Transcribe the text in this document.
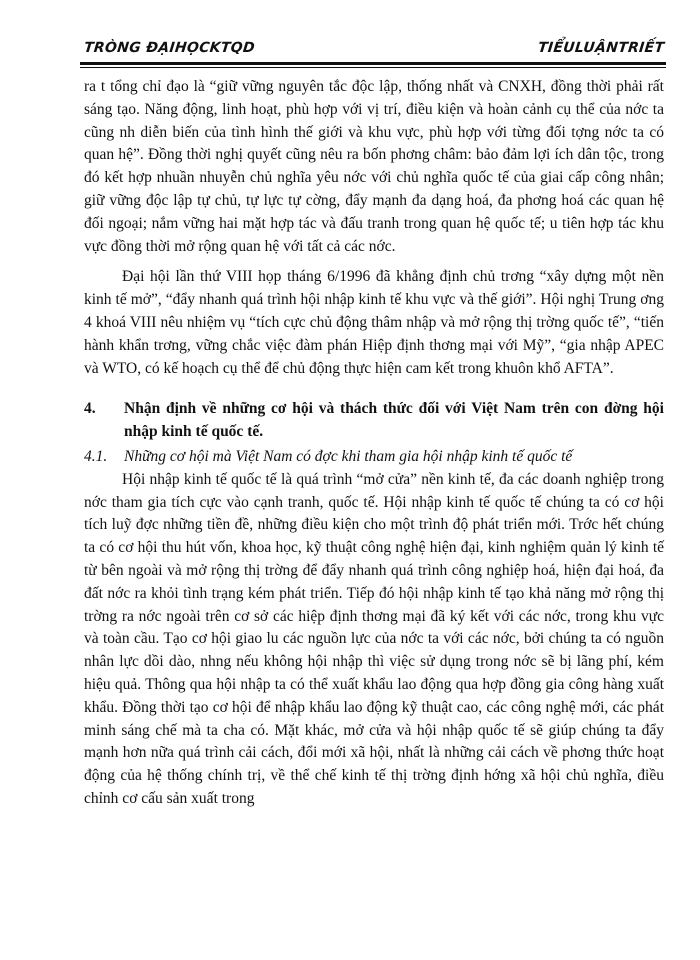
TRÒNG ĐẠIHỌCKTQD	TIỂULUẬNTRIẾT

ra t tổng chỉ đạo là “giữ vững nguyên tắc độc lập, thống nhất và CNXH, đồng thời phải rất sáng tạo. Năng động, linh hoạt, phù hợp với vị trí, điều kiện và hoàn cảnh cụ thể của nớc ta cũng nh diễn biến của tình hình thế giới và khu vực, phù hợp với từng đối tợng nớc ta có quan hệ”. Đồng thời nghị quyết cũng nêu ra bốn phơng châm: bảo đảm lợi ích dân tộc, trong đó kết hợp nhuần nhuyễn chủ nghĩa yêu nớc với chủ nghĩa quốc tế của giai cấp công nhân; giữ vững độc lập tự chủ, tự lực tự cờng, đẩy mạnh đa dạng hoá, đa phơng hoá các quan hệ đối ngoại; nắm vững hai mặt hợp tác và đấu tranh trong quan hệ quốc tế; u tiên hợp tác khu vực đồng thời mở rộng quan hệ với tất cả các nớc.

Đại hội lần thứ VIII họp tháng 6/1996 đã khẳng định chủ trơng “xây dựng một nền kinh tế mở”, “đẩy nhanh quá trình hội nhập kinh tế khu vực và thế giới”. Hội nghị Trung ơng 4 khoá VIII nêu nhiệm vụ “tích cực chủ động thâm nhập và mở rộng thị trờng quốc tế”, “tiến hành khẩn trơng, vững chắc việc đàm phán Hiệp định thơng mại với Mỹ”, “gia nhập APEC và WTO, có kế hoạch cụ thể để chủ động thực hiện cam kết trong khuôn khổ AFTA”.

4.	Nhận định về những cơ hội và thách thức đối với Việt Nam trên con đờng hội nhập kinh tế quốc tế.
4.1.	Những cơ hội mà Việt Nam có đợc khi tham gia hội nhập kinh tế quốc tế

Hội nhập kinh tế quốc tế là quá trình “mở cửa” nền kinh tế, đa các doanh nghiệp trong nớc tham gia tích cực vào cạnh tranh, quốc tế. Hội nhập kinh tế quốc tế chúng ta có cơ hội tích luỹ đợc những tiền đề, những điều kiện cho một trình độ phát triển mới. Trớc hết chúng ta có cơ hội thu hút vốn, khoa học, kỹ thuật công nghệ hiện đại, kinh nghiệm quản lý kinh tế từ bên ngoài và mở rộng thị trờng để đẩy nhanh quá trình công nghiệp hoá, hiện đại hoá, đa đất nớc ra khỏi tình trạng kém phát triển. Tiếp đó hội nhập kinh tế tạo khả năng mở rộng thị trờng ra nớc ngoài trên cơ sở các hiệp định thơng mại đã ký kết với các nớc, trong khu vực và toàn cầu. Tạo cơ hội giao lu các nguồn lực của nớc ta với các nớc, bởi chúng ta có nguồn nhân lực dồi dào, nhng nếu không hội nhập thì việc sử dụng trong nớc sẽ bị lãng phí, kém hiệu quả. Thông qua hội nhập ta có thể xuất khẩu lao động qua hợp đồng gia công hàng xuất khẩu. Đồng thời tạo cơ hội để nhập khẩu lao động kỹ thuật cao, các công nghệ mới, các phát minh sáng chế mà ta cha có. Mặt khác, mở cửa và hội nhập quốc tế sẽ giúp chúng ta đẩy mạnh hơn nữa quá trình cải cách, đổi mới xã hội, nhất là những cải cách về phơng thức hoạt động của hệ thống chính trị, về thể chế kinh tế thị trờng định hớng xã hội chủ nghĩa, điều chỉnh cơ cấu sản xuất trong
